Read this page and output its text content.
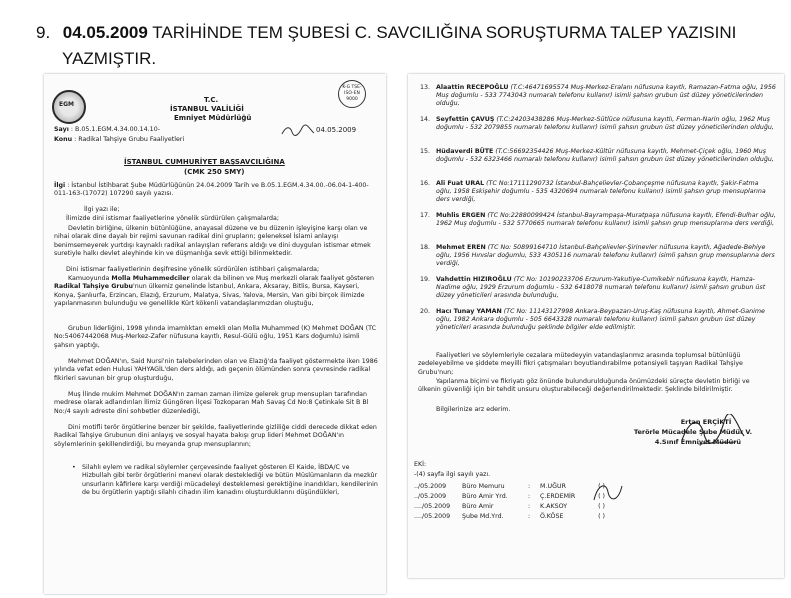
9. 04.05.2009 TARİHİNDE TEM ŞUBESİ C. SAVCILIĞINA SORUŞTURMA TALEP YAZISINI
YAZMIŞTIR.
EGM
T.C.
İSTANBUL VALİLİĞİ
Emniyet Müdürlüğü
K-G TSE-ISO-EN 9000
Sayı : B.05.1.EGM.4.34.00.14.10-	04.05.2009
Konu : Radikal Tahşiye Grubu Faaliyetleri
İSTANBUL CUMHURİYET BAŞSAVCILIĞINA
(CMK 250 SMY)
İlgi : İstanbul İstihbarat Şube Müdürlüğünün 24.04.2009 Tarih ve B.05.1.EGM.4.34.00.-06.04-1-400-011-163-(17072) 107290 sayılı yazısı.
İlgi yazı ile;
İlimizde dini istismar faaliyetlerine yönelik sürdürülen çalışmalarda;
Devletin birliğine, ülkenin bütünlüğüne, anayasal düzene ve bu düzenin işleyişine karşı olan ve nihai olarak dine dayalı bir rejimi savunan radikal dini grupların; geleneksel İslami anlayışı benimsemeyerek yurtdışı kaynaklı radikal anlayışları referans aldığı ve dini duyguları istismar etmek suretiyle halkı devlet aleyhinde kin ve düşmanlığa sevk ettiği bilinmektedir.
Dini istismar faaliyetlerinin deşifresine yönelik sürdürülen istihbari çalışmalarda;
Kamuoyunda Molla Muhammedciler olarak da bilinen ve Muş merkezli olarak faaliyet gösteren Radikal Tahşiye Grubu'nun ülkemiz genelinde İstanbul, Ankara, Aksaray, Bitlis, Bursa, Kayseri, Konya, Şanlıurfa, Erzincan, Elazığ, Erzurum, Malatya, Sivas, Yalova, Mersin, Van gibi birçok ilimizde yapılanmasının bulunduğu ve genellikle Kürt kökenli vatandaşlarımızdan oluştuğu,
Grubun liderliğini, 1998 yılında imamlıktan emekli olan Molla Muhammed (K) Mehmet DOĞAN (TC No:54067442068 Muş-Merkez-Zafer nüfusuna kayıtlı, Resul-Gülü oğlu, 1951 Kars doğumlu) isimli şahsın yaptığı,
Mehmet DOĞAN'ın, Said Nursi'nin talebelerinden olan ve Elazığ'da faaliyet göstermekte iken 1986 yılında vefat eden Hulusi YAHYAGİL'den ders aldığı, adı geçenin ölümünden sonra çevresinde radikal fikirleri savunan bir grup oluşturduğu,
Muş İlinde mukim Mehmet DOĞAN'ın zaman zaman ilimize gelerek grup mensupları tarafından medrese olarak adlandırılan İlimiz Güngören İlçesi Tozkoparan Mah Savaş Cd No:8 Çetinkale Sit B Bl No:/4 sayılı adreste dini sohbetler düzenlediği,
Dini motifli terör örgütlerine benzer bir şekilde, faaliyetlerinde gizliliğe ciddi derecede dikkat eden Radikal Tahşiye Grubunun dini anlayış ve sosyal hayata bakışı grup lideri Mehmet DOĞAN'ın söylemlerinin şekillendirdiği, bu meyanda grup mensuplarının;
• Silahlı eylem ve radikal söylemler çerçevesinde faaliyet gösteren El Kaide, İBDA/C ve Hizbullah gibi terör örgütlerini manevi olarak desteklediği ve bütün Müslümanların da mezkûr unsurların kâfirlere karşı verdiği mücadeleyi desteklemesi gerektiğine inandıkları, kendilerinin de bu örgütlerin yaptığı silahlı cihadın ilim kanadını oluşturduklarını düşündükleri,
13. Alaattin RECEPOĞLU (T.C:46471695574 Muş-Merkez-Eralanı nüfusuna kayıtlı, Ramazan-Fatma oğlu, 1956 Muş doğumlu - 533 7743043 numaralı telefonu kullanır) isimli şahsın grubun üst düzey yöneticilerinden olduğu,
14. Seyfettin ÇAVUŞ (T.C:24203438286 Muş-Merkez-Sütlüce nüfusuna kayıtlı, Ferman-Narin oğlu, 1962 Muş doğumlu - 532 2079855 numaralı telefonu kullanır) isimli şahsın grubun üst düzey yöneticilerinden olduğu,
15. Hüdaverdi BÜTE (T.C:56692354426 Muş-Merkez-Kültür nüfusuna kayıtlı, Mehmet-Çiçek oğlu, 1960 Muş doğumlu - 532 6323466 numaralı telefonu kullanır) isimli şahsın grubun üst düzey yöneticilerinden olduğu,
16. Ali Fuat URAL (TC No:17111290732 İstanbul-Bahçelievler-Çobançeşme nüfusuna kayıtlı, Şakir-Fatma oğlu, 1958 Eskişehir doğumlu - 535 4320694 numaralı telefonu kullanır) isimli şahsın grup mensuplarına ders verdiği,
17. Muhlis ERGEN (TC No:22880099424 İstanbul-Bayrampaşa-Muratpaşa nüfusuna kayıtlı, Efendi-Bulhar oğlu, 1962 Muş doğumlu - 532 5770665 numaralı telefonu kullanır) isimli şahsın grup mensuplarına ders verdiği,
18. Mehmet EREN (TC No: 50899164710 İstanbul-Bahçelievler-Şirinevler nüfusuna kayıtlı, Ağadede-Behiye oğlu, 1956 Hınıslar doğumlu, 533 4305116 numaralı telefonu kullanır) isimli şahsın grup mensuplarına ders verdiği,
19. Vahdettin HIZIROĞLU (TC No: 10190233706 Erzurum-Yakutiye-Cumikebir nüfusuna kayıtlı, Hamza-Nadime oğlu, 1929 Erzurum doğumlu - 532 6418078 numaralı telefonu kullanır) isimli şahsın grubun üst düzey yöneticileri arasında bulunduğu,
20. Hacı Tunay YAMAN (TC No: 11143127998 Ankara-Beypazarı-Uruş-Kaş nüfusuna kayıtlı, Ahmet-Ganime oğlu, 1982 Ankara doğumlu - 505 6643328 numaralı telefonu kullanır) isimli şahsın grubun üst düzey yöneticileri arasında bulunduğu şeklinde bilgiler elde edilmiştir.
Faaliyetleri ve söylemleriyle cezalara mütedeyyin vatandaşlarımız arasında toplumsal bütünlüğü zedeleyebilme ve şiddete meyilli fikri çatışmaları boyutlandırabilme potansiyeli taşıyan Radikal Tahşiye Grubu'nun;
Yapılanma biçimi ve fikriyatı göz önünde bulundurulduğunda önümüzdeki süreçte devletin birliği ve ülkenin güvenliği için bir tehdit unsuru oluşturabileceği değerlendirilmektedir. Şeklinde bildirilmiştir.
Bilgilerinize arz ederim.
Ertan ERÇİKTİ
Terörle Mücadele Şube Müdür V.
4.Sınıf Emniyet Müdürü
EKİ:
-(4) sayfa ilgi sayılı yazı.
../05.2009	Büro Memuru	: M.UĞUR	( )
../05.2009	Büro Amir Yrd.	: Ç.ERDEMİR	( )
..../05.2009 Büro Amir	: K.AKSOY	( )
..../05.2009 Şube Md.Yrd.	: Ö.KÖSE	( )
